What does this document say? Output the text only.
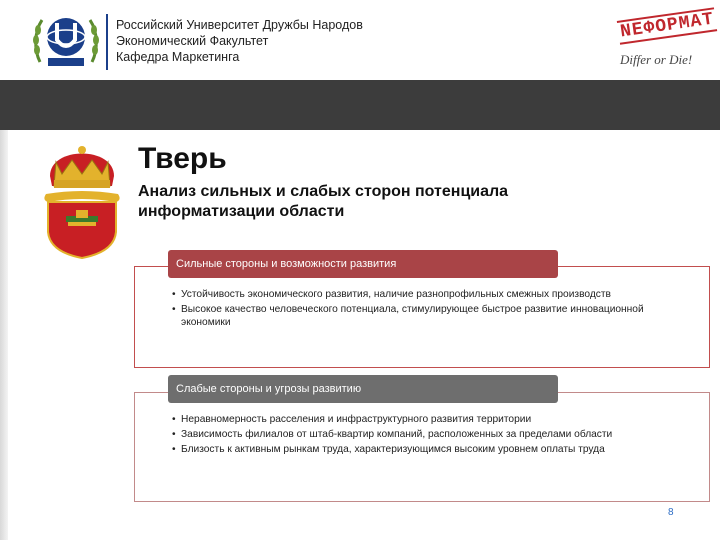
Российский Университет Дружбы Народов
Экономический Факультет
Кафедра Маркетинга
NEФОРМАТ
Differ or Die!
Тверь
Анализ сильных и слабых сторон потенциала информатизации области
Сильные стороны и возможности развития
• Устойчивость экономического развития, наличие разнопрофильных смежных производств
• Высокое качество человеческого потенциала, стимулирующее быстрое развитие инновационной экономики
Слабые стороны и угрозы развитию
• Неравномерность расселения и инфраструктурного развития территории
• Зависимость филиалов от штаб-квартир компаний, расположенных за пределами области
• Близость к активным рынкам труда, характеризующимся высоким уровнем оплаты труда
8
